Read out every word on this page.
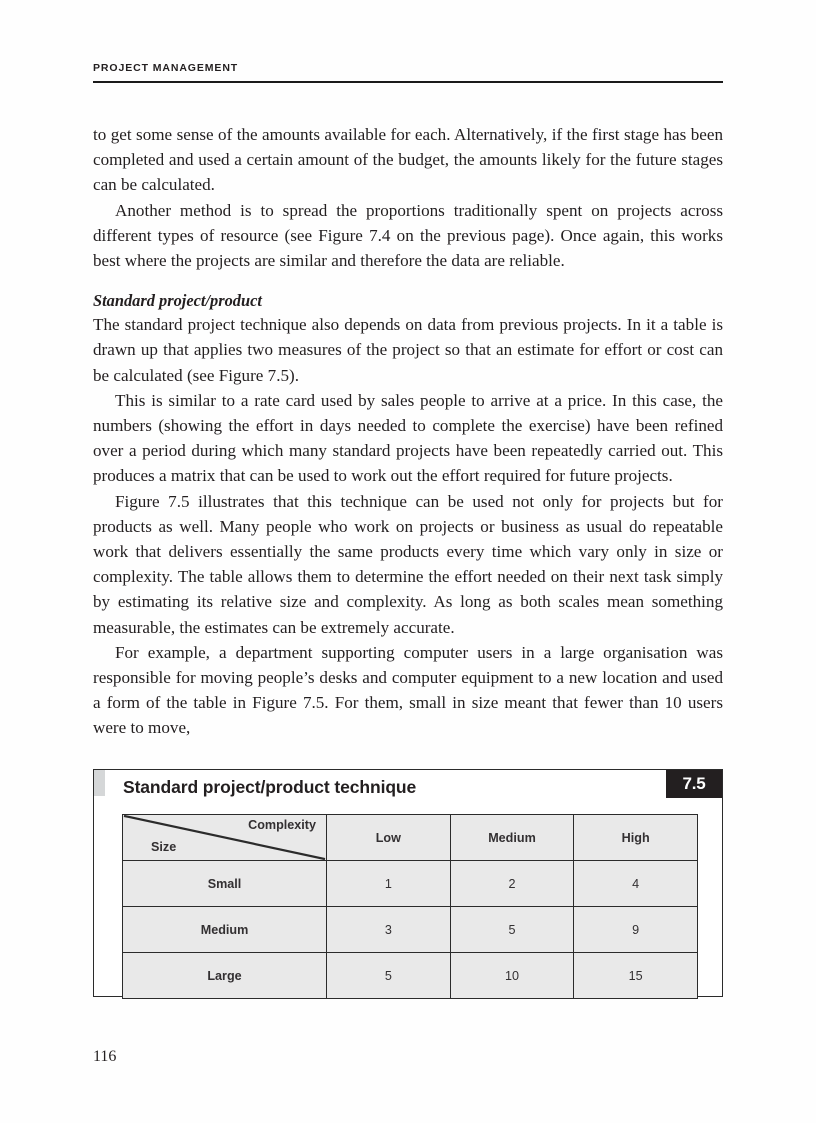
PROJECT MANAGEMENT

to get some sense of the amounts available for each. Alternatively, if the first stage has been completed and used a certain amount of the budget, the amounts likely for the future stages can be calculated.

Another method is to spread the proportions traditionally spent on projects across different types of resource (see Figure 7.4 on the previous page). Once again, this works best where the projects are similar and therefore the data are reliable.

Standard project/product

The standard project technique also depends on data from previous projects. In it a table is drawn up that applies two measures of the project so that an estimate for effort or cost can be calculated (see Figure 7.5).

This is similar to a rate card used by sales people to arrive at a price. In this case, the numbers (showing the effort in days needed to complete the exercise) have been refined over a period during which many standard projects have been repeatedly carried out. This produces a matrix that can be used to work out the effort required for future projects.

Figure 7.5 illustrates that this technique can be used not only for projects but for products as well. Many people who work on projects or business as usual do repeatable work that delivers essentially the same products every time which vary only in size or complexity. The table allows them to determine the effort needed on their next task simply by estimating its relative size and complexity. As long as both scales mean something measurable, the estimates can be extremely accurate.

For example, a department supporting computer users in a large organisation was responsible for moving people’s desks and computer equipment to a new location and used a form of the table in Figure 7.5. For them, small in size meant that fewer than 10 users were to move,

Standard project/product technique	7.5
Complexity
Size	Low	Medium	High
Small	1	2	4
Medium	3	5	9
Large	5	10	15
116
